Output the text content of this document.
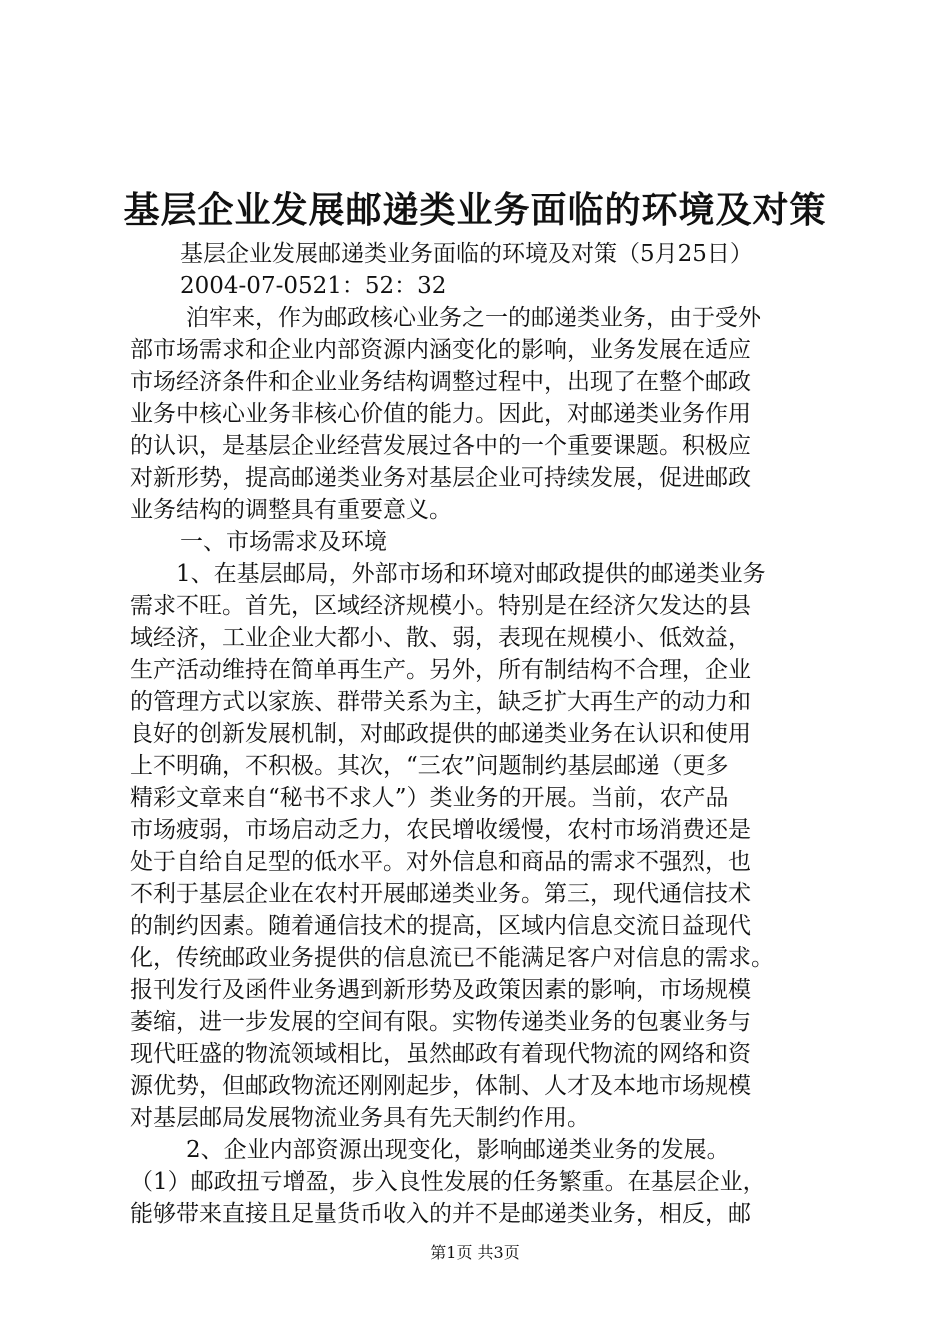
基层企业发展邮递类业务面临的环境及对策
基层企业发展邮递类业务面临的环境及对策（5月25日）
2004-07-0521：52：32
泊牢来，作为邮政核心业务之一的邮递类业务，由于受外
部市场需求和企业内部资源内涵变化的影响，业务发展在适应
市场经济条件和企业业务结构调整过程中，出现了在整个邮政
业务中核心业务非核心价值的能力。因此，对邮递类业务作用
的认识，是基层企业经营发展过各中的一个重要课题。积极应
对新形势，提高邮递类业务对基层企业可持续发展，促进邮政
业务结构的调整具有重要意义。
一、市场需求及环境
1、在基层邮局，外部市场和环境对邮政提供的邮递类业务
需求不旺。首先，区域经济规模小。特别是在经济欠发达的县
域经济，工业企业大都小、散、弱，表现在规模小、低效益，
生产活动维持在简单再生产。另外，所有制结构不合理，企业
的管理方式以家族、群带关系为主，缺乏扩大再生产的动力和
良好的创新发展机制，对邮政提供的邮递类业务在认识和使用
上不明确，不积极。其次，“三农”问题制约基层邮递（更多
精彩文章来自“秘书不求人”）类业务的开展。当前，农产品
市场疲弱，市场启动乏力，农民增收缓慢，农村市场消费还是
处于自给自足型的低水平。对外信息和商品的需求不强烈，也
不利于基层企业在农村开展邮递类业务。第三，现代通信技术
的制约因素。随着通信技术的提高，区域内信息交流日益现代
化，传统邮政业务提供的信息流已不能满足客户对信息的需求。
报刊发行及函件业务遇到新形势及政策因素的影响，市场规模
萎缩，进一步发展的空间有限。实物传递类业务的包裹业务与
现代旺盛的物流领域相比，虽然邮政有着现代物流的网络和资
源优势，但邮政物流还刚刚起步，体制、人才及本地市场规模
对基层邮局发展物流业务具有先天制约作用。
2、企业内部资源出现变化，影响邮递类业务的发展。
（1）邮政扭亏增盈，步入良性发展的任务繁重。在基层企业，
能够带来直接且足量货币收入的并不是邮递类业务，相反，邮
第1页 共3页
